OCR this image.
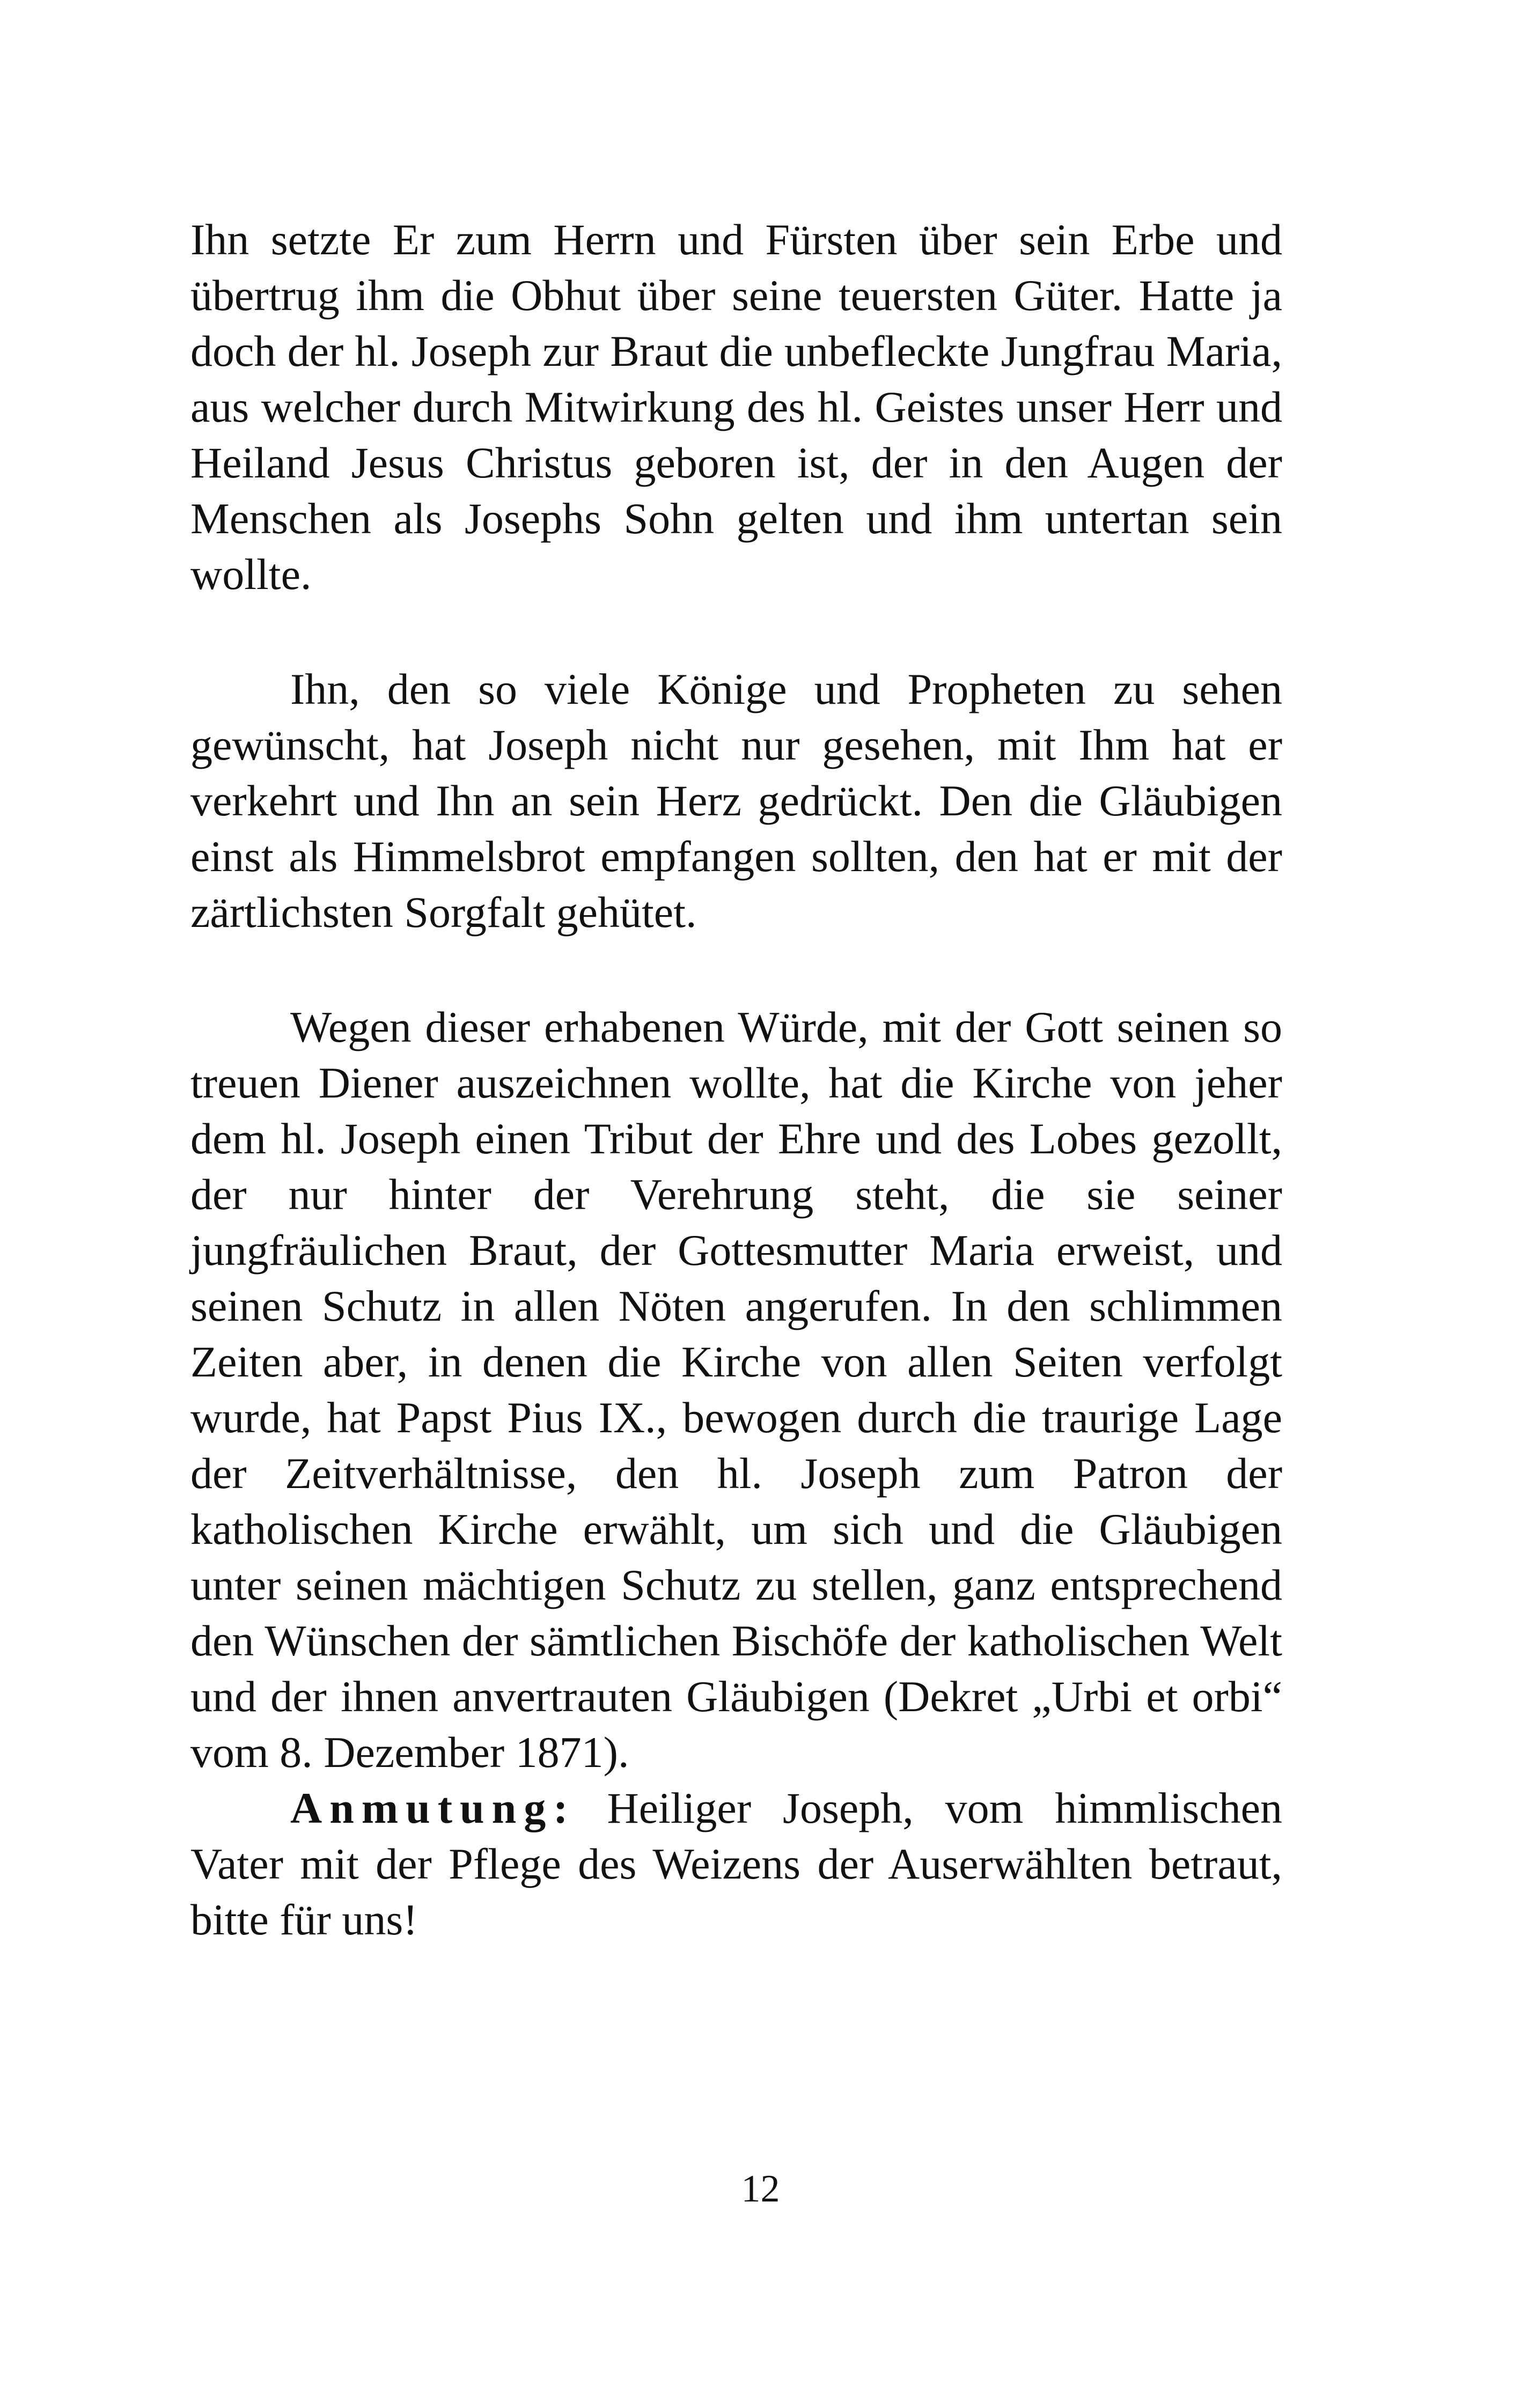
Ihn setzte Er zum Herrn und Fürsten über sein Erbe und übertrug ihm die Obhut über seine teuersten Güter. Hatte ja doch der hl. Joseph zur Braut die unbefleckte Jungfrau Maria, aus welcher durch Mitwirkung des hl. Geistes unser Herr und Heiland Jesus Christus geboren ist, der in den Augen der Menschen als Josephs Sohn gelten und ihm untertan sein wollte.

Ihn, den so viele Könige und Propheten zu sehen gewünscht, hat Joseph nicht nur gesehen, mit Ihm hat er verkehrt und Ihn an sein Herz gedrückt. Den die Gläubigen einst als Himmelsbrot empfangen sollten, den hat er mit der zärtlichsten Sorgfalt gehütet.

Wegen dieser erhabenen Würde, mit der Gott seinen so treuen Diener auszeichnen wollte, hat die Kirche von jeher dem hl. Joseph einen Tribut der Ehre und des Lobes gezollt, der nur hinter der Verehrung steht, die sie seiner jungfräulichen Braut, der Gottesmutter Maria erweist, und seinen Schutz in allen Nöten angerufen. In den schlimmen Zeiten aber, in denen die Kirche von allen Seiten verfolgt wurde, hat Papst Pius IX., bewogen durch die traurige Lage der Zeitverhältnisse, den hl. Joseph zum Patron der katholischen Kirche erwählt, um sich und die Gläubigen unter seinen mächtigen Schutz zu stellen, ganz entsprechend den Wünschen der sämtlichen Bischöfe der katholischen Welt und der ihnen anvertrauten Gläubigen (Dekret „Urbi et orbi“ vom 8. Dezember 1871).

Anmutung: Heiliger Joseph, vom himmlischen Vater mit der Pflege des Weizens der Auserwählten betraut, bitte für uns!

12
